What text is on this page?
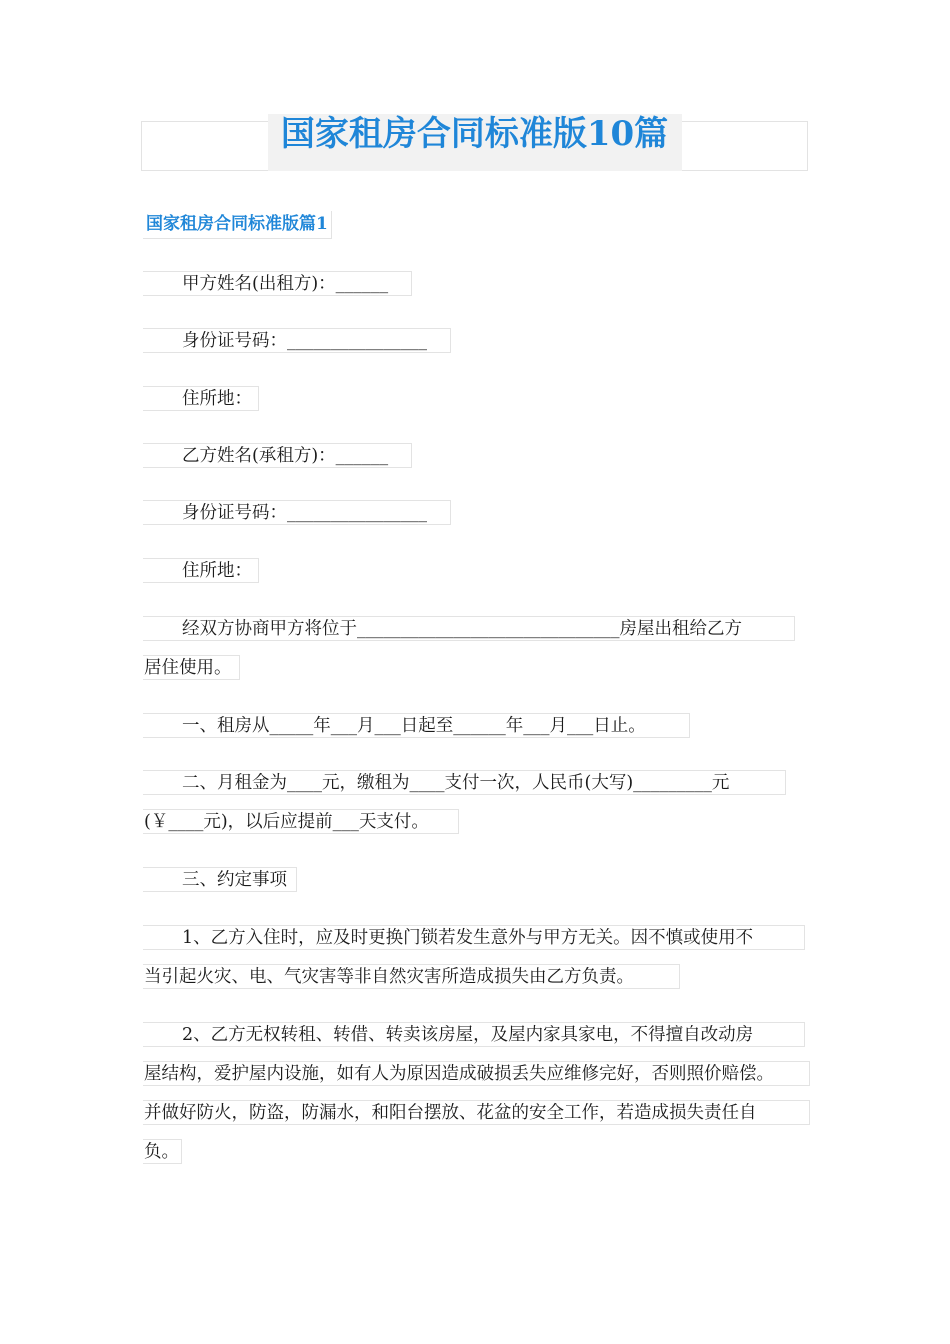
国家租房合同标准版10篇
国家租房合同标准版篇1
甲方姓名(出租方)：______
身份证号码：________________
住所地：
乙方姓名(承租方)：______
身份证号码：________________
住所地：
经双方协商甲方将位于______________________________房屋出租给乙方
居住使用。
一、租房从_____年___月___日起至______年___月___日止。
二、月租金为____元，缴租为____支付一次，人民币(大写)_________元
(￥____元)，以后应提前___天支付。
三、约定事项
1、乙方入住时，应及时更换门锁若发生意外与甲方无关。因不慎或使用不
当引起火灾、电、气灾害等非自然灾害所造成损失由乙方负责。
2、乙方无权转租、转借、转卖该房屋，及屋内家具家电，不得擅自改动房
屋结构，爱护屋内设施，如有人为原因造成破损丢失应维修完好，否则照价赔偿。
并做好防火，防盗，防漏水，和阳台摆放、花盆的安全工作，若造成损失责任自
负。
